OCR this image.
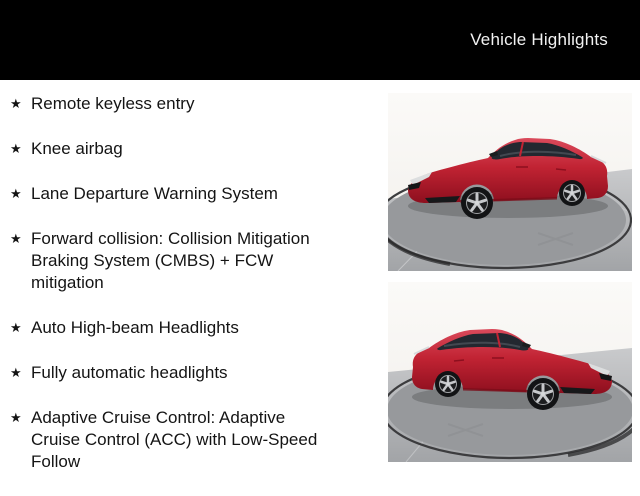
Vehicle Highlights
★ Remote keyless entry
★ Knee airbag
★ Lane Departure Warning System
★ Forward collision: Collision Mitigation Braking System (CMBS) + FCW mitigation
★ Auto High-beam Headlights
★ Fully automatic headlights
★ Adaptive Cruise Control: Adaptive Cruise Control (ACC) with Low-Speed Follow
